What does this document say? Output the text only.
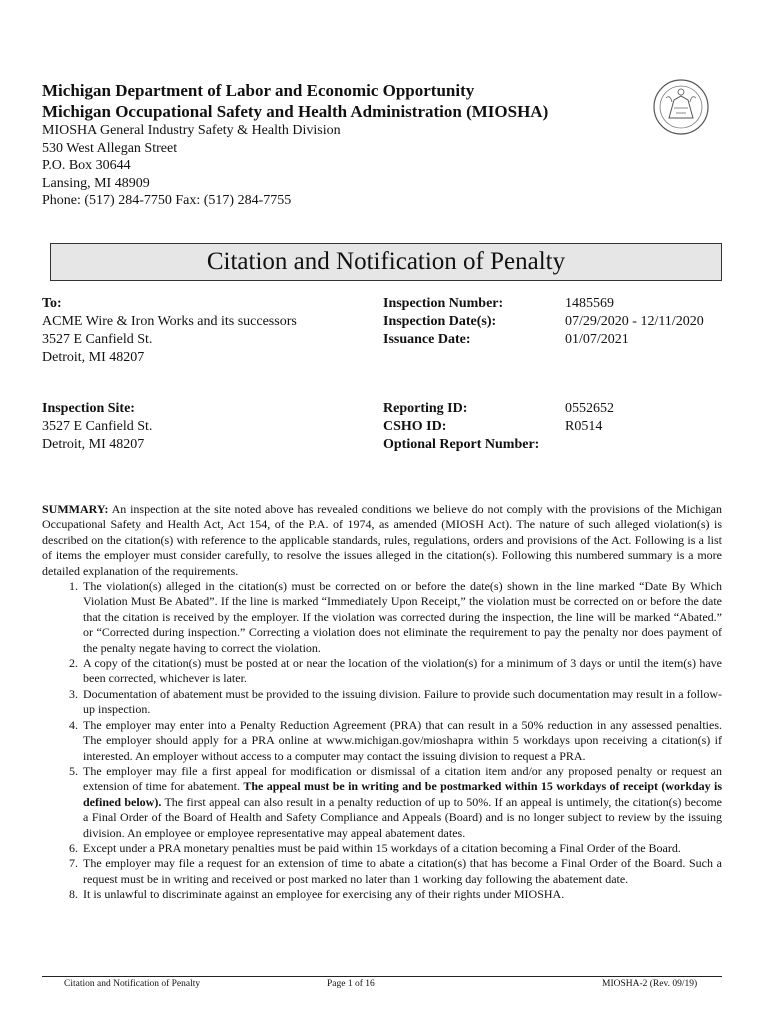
Michigan Department of Labor and Economic Opportunity
Michigan Occupational Safety and Health Administration (MIOSHA)
MIOSHA General Industry Safety & Health Division
530 West Allegan Street
P.O. Box 30644
Lansing, MI 48909
Phone: (517) 284-7750 Fax: (517) 284-7755
Citation and Notification of Penalty
To:
ACME Wire & Iron Works and its successors
3527 E Canfield St.
Detroit, MI 48207
Inspection Number:
Inspection Date(s):
Issuance Date:
1485569
07/29/2020 - 12/11/2020
01/07/2021
Inspection Site:
3527 E Canfield St.
Detroit, MI 48207
Reporting ID:
CSHO ID:
Optional Report Number:
0552652
R0514

SUMMARY: An inspection at the site noted above has revealed conditions we believe do not comply with the provisions of the Michigan Occupational Safety and Health Act, Act 154, of the P.A. of 1974, as amended (MIOSH Act). The nature of such alleged violation(s) is described on the citation(s) with reference to the applicable standards, rules, regulations, orders and provisions of the Act. Following is a list of items the employer must consider carefully, to resolve the issues alleged in the citation(s). Following this numbered summary is a more detailed explanation of the requirements.

1. The violation(s) alleged in the citation(s) must be corrected on or before the date(s) shown in the line marked “Date By Which Violation Must Be Abated”. If the line is marked “Immediately Upon Receipt,” the violation must be corrected on or before the date that the citation is received by the employer. If the violation was corrected during the inspection, the line will be marked “Abated.” or “Corrected during inspection.” Correcting a violation does not eliminate the requirement to pay the penalty nor does payment of the penalty negate having to correct the violation.
2. A copy of the citation(s) must be posted at or near the location of the violation(s) for a minimum of 3 days or until the item(s) have been corrected, whichever is later.
3. Documentation of abatement must be provided to the issuing division. Failure to provide such documentation may result in a follow-up inspection.
4. The employer may enter into a Penalty Reduction Agreement (PRA) that can result in a 50% reduction in any assessed penalties. The employer should apply for a PRA online at www.michigan.gov/mioshapra within 5 workdays upon receiving a citation(s) if interested. An employer without access to a computer may contact the issuing division to request a PRA.
5. The employer may file a first appeal for modification or dismissal of a citation item and/or any proposed penalty or request an extension of time for abatement. The appeal must be in writing and be postmarked within 15 workdays of receipt (workday is defined below). The first appeal can also result in a penalty reduction of up to 50%. If an appeal is untimely, the citation(s) become a Final Order of the Board of Health and Safety Compliance and Appeals (Board) and is no longer subject to review by the issuing division. An employee or employee representative may appeal abatement dates.
6. Except under a PRA monetary penalties must be paid within 15 workdays of a citation becoming a Final Order of the Board.
7. The employer may file a request for an extension of time to abate a citation(s) that has become a Final Order of the Board. Such a request must be in writing and received or post marked no later than 1 working day following the abatement date.
8. It is unlawful to discriminate against an employee for exercising any of their rights under MIOSHA.
Citation and Notification of Penalty	Page 1 of 16	MIOSHA-2 (Rev. 09/19)
